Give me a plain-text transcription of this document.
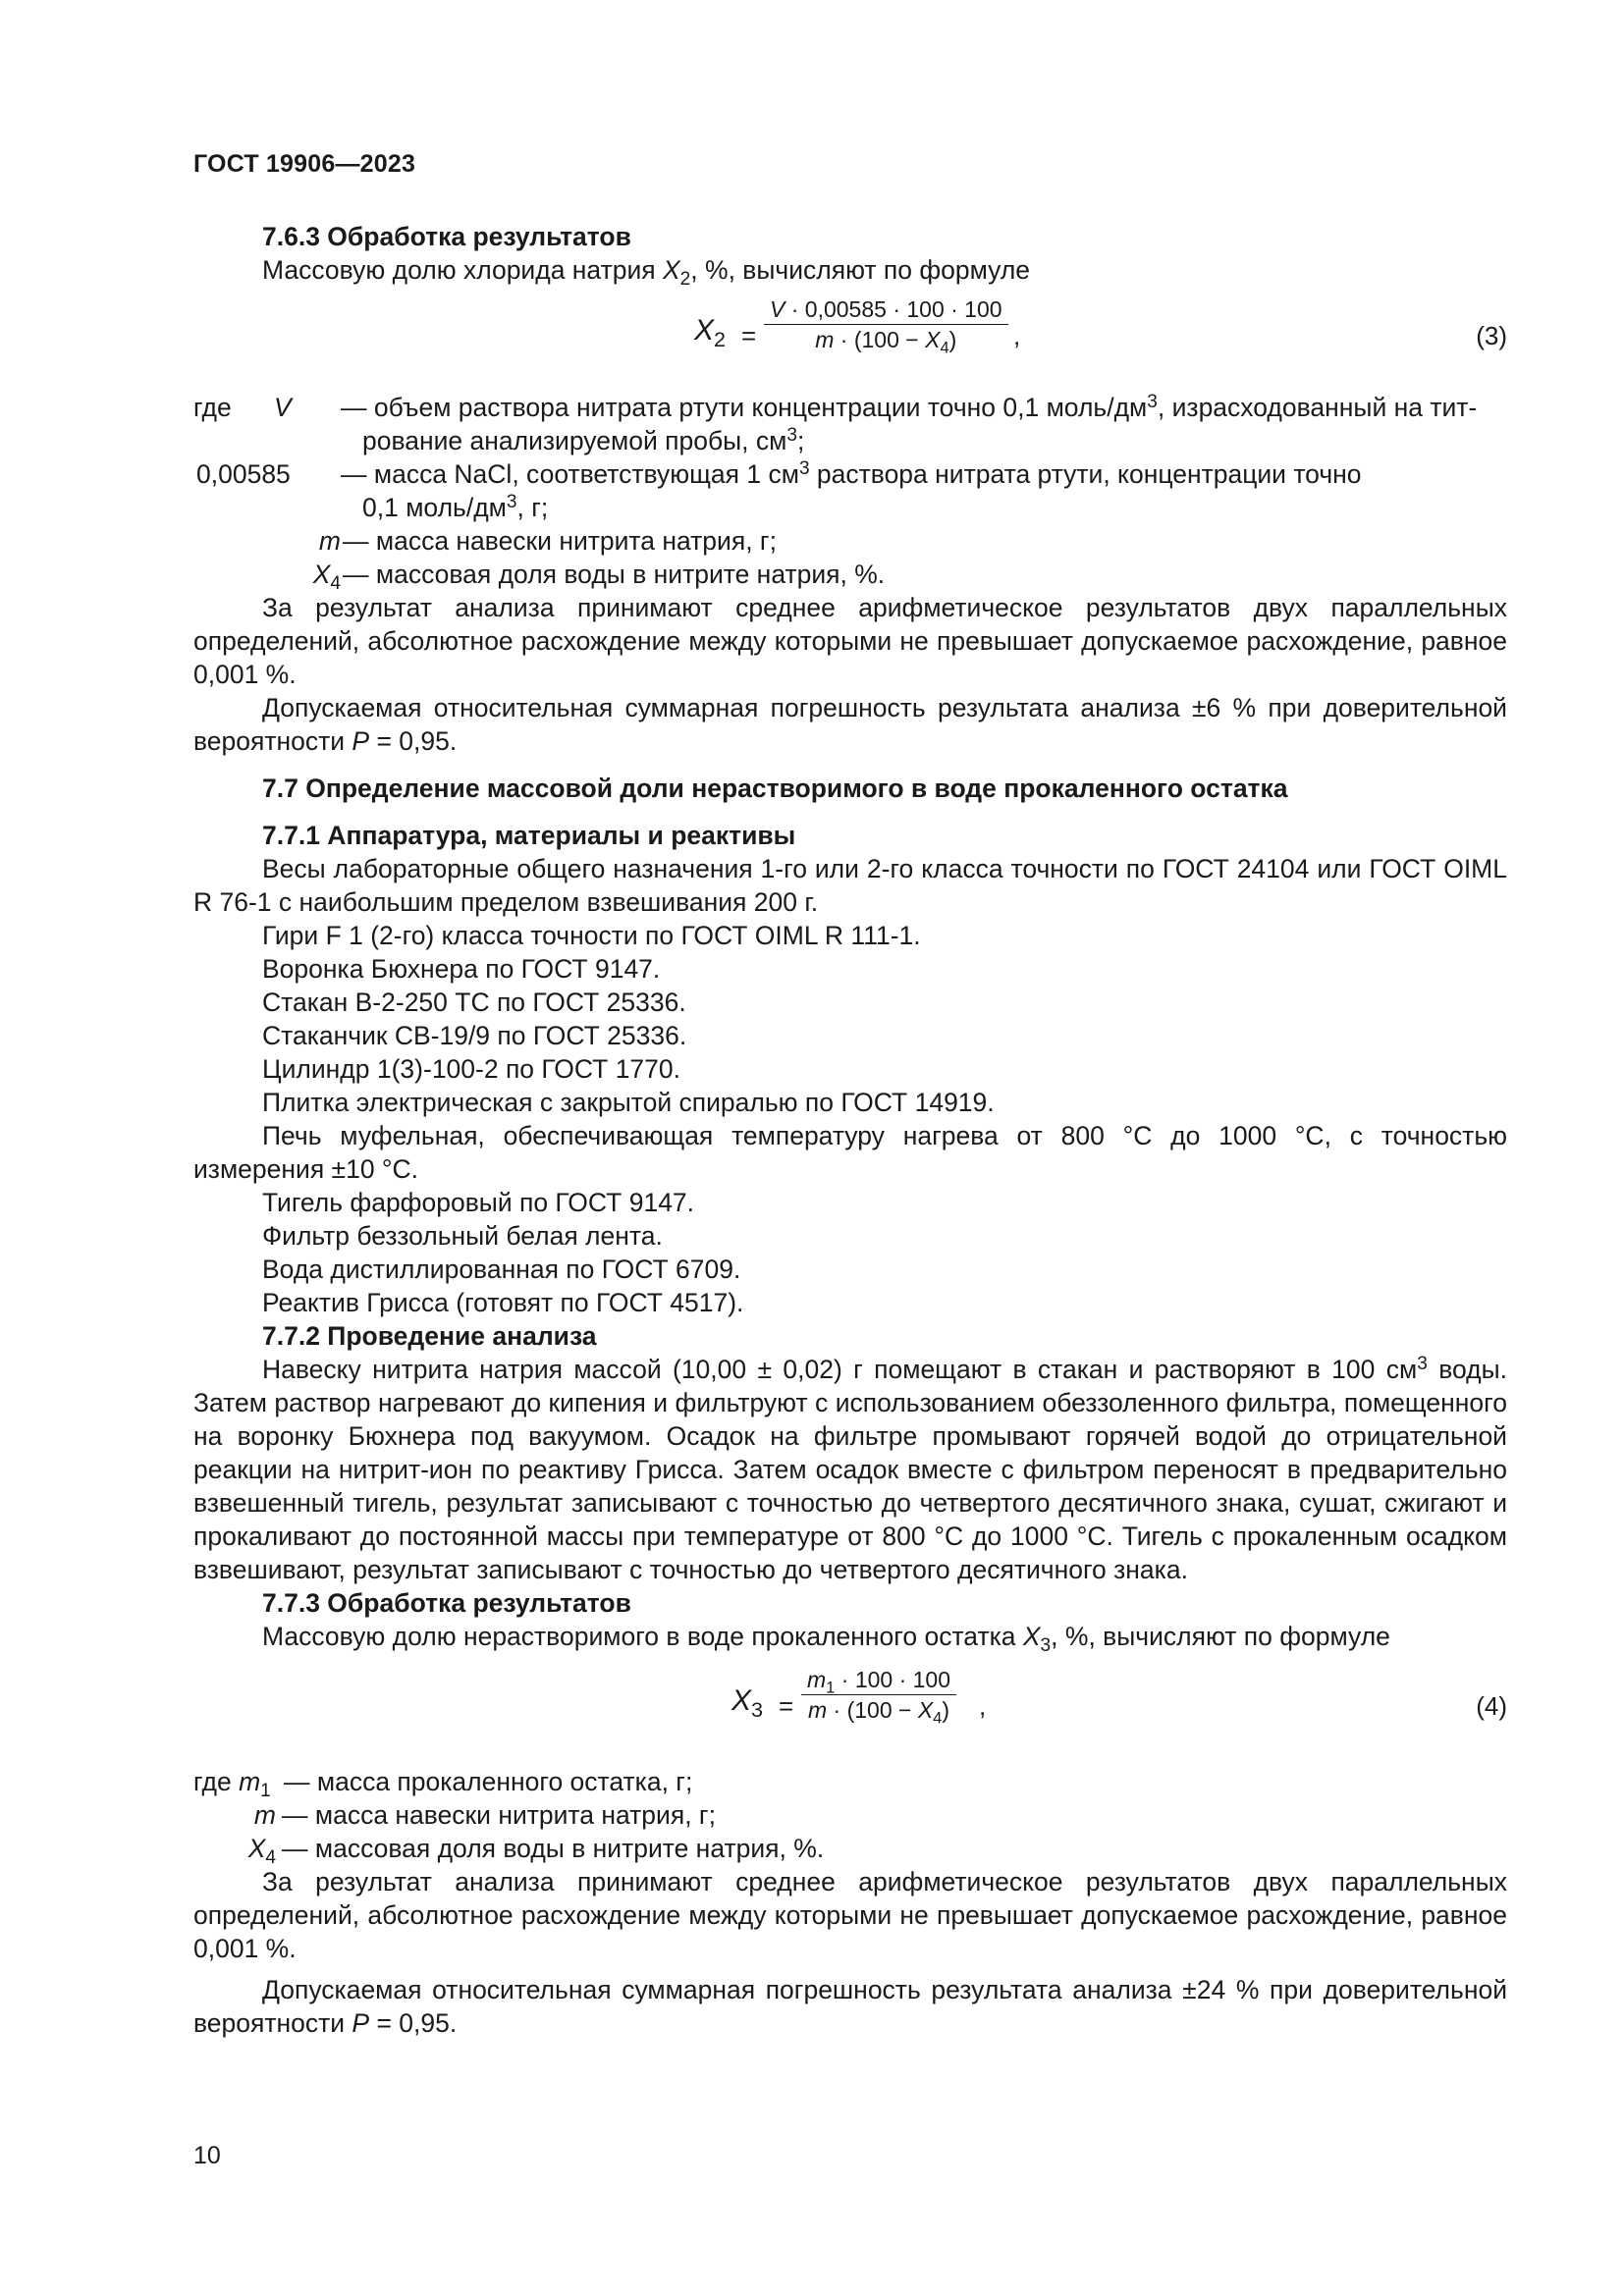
ГОСТ 19906—2023

7.6.3 Обработка результатов

Массовую долю хлорида натрия $X_2$, %, вычисляют по формуле

$X_2 = \frac{V \cdot 0,00585 \cdot 100 \cdot 100}{m \cdot (100 - X_4)}$ ,	(3)
где V — объем раствора нитрата ртути концентрации точно 0,1 моль/$дм^3$, израсходованный на тит-
рование анализируемой пробы, $см^3$;
0,00585	— масса NaCl, соответствующая 1 $см^3$ раствора нитрата ртути, концентрации точно
0,1 моль/$дм^3$, г;
m — масса навески нитрита натрия, г;
$X_4$ — массовая доля воды в нитрите натрия, %.

За результат анализа принимают среднее арифметическое результатов двух параллельных определений, абсолютное расхождение между которыми не превышает допускаемое расхождение, равное 0,001 %.

Допускаемая относительная суммарная погрешность результата анализа ±6 % при доверительной вероятности P = 0,95.

7.7 Определение массовой доли нерастворимого в воде прокаленного остатка

7.7.1 Аппаратура, материалы и реактивы

Весы лабораторные общего назначения 1-го или 2-го класса точности по ГОСТ 24104 или ГОСТ OIML R 76-1 с наибольшим пределом взвешивания 200 г.

Гири F 1 (2-го) класса точности по ГОСТ OIML R 111-1.

Воронка Бюхнера по ГОСТ 9147.

Стакан В-2-250 ТС по ГОСТ 25336.

Стаканчик СВ-19/9 по ГОСТ 25336.

Цилиндр 1(3)-100-2 по ГОСТ 1770.

Плитка электрическая с закрытой спиралью по ГОСТ 14919.

Печь муфельная, обеспечивающая температуру нагрева от 800 °С до 1000 °С, с точностью измерения ±10 °С.

Тигель фарфоровый по ГОСТ 9147.

Фильтр беззольный белая лента.

Вода дистиллированная по ГОСТ 6709.

Реактив Грисса (готовят по ГОСТ 4517).

7.7.2 Проведение анализа

Навеску нитрита натрия массой (10,00 ± 0,02) г помещают в стакан и растворяют в 100 $см^3$ воды. Затем раствор нагревают до кипения и фильтруют с использованием обеззоленного фильтра, помещенного на воронку Бюхнера под вакуумом. Осадок на фильтре промывают горячей водой до отрицательной реакции на нитрит-ион по реактиву Грисса. Затем осадок вместе с фильтром переносят в предварительно взвешенный тигель, результат записывают с точностью до четвертого десятичного знака, сушат, сжигают и прокаливают до постоянной массы при температуре от 800 °С до 1000 °С. Тигель с прокаленным осадком взвешивают, результат записывают с точностью до четвертого десятичного знака.

7.7.3 Обработка результатов

Массовую долю нерастворимого в воде прокаленного остатка $X_3$, %, вычисляют по формуле

$X_3 = \frac{m_1 \cdot 100 \cdot 100}{m \cdot (100 - X_4)}$ ,	(4)
где $m_1$ — масса прокаленного остатка, г;
m — масса навески нитрита натрия, г;
$X_4$ — массовая доля воды в нитрите натрия, %.

За результат анализа принимают среднее арифметическое результатов двух параллельных определений, абсолютное расхождение между которыми не превышает допускаемое расхождение, равное 0,001 %.

Допускаемая относительная суммарная погрешность результата анализа ±24 % при доверительной вероятности P = 0,95.

10
